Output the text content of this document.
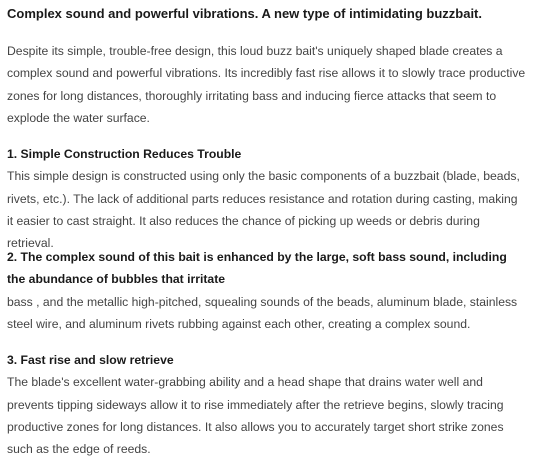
Complex sound and powerful vibrations. A new type of intimidating buzzbait.
Despite its simple, trouble-free design, this loud buzz bait's uniquely shaped blade creates a complex sound and powerful vibrations. Its incredibly fast rise allows it to slowly trace productive zones for long distances, thoroughly irritating bass and inducing fierce attacks that seem to explode the water surface.
1. Simple Construction Reduces Trouble
This simple design is constructed using only the basic components of a buzzbait (blade, beads, rivets, etc.). The lack of additional parts reduces resistance and rotation during casting, making it easier to cast straight. It also reduces the chance of picking up weeds or debris during retrieval.
2. The complex sound of this bait is enhanced by the large, soft bass sound, including the abundance of bubbles that irritate
bass , and the metallic high-pitched, squealing sounds of the beads, aluminum blade, stainless steel wire, and aluminum rivets rubbing against each other, creating a complex sound.
3. Fast rise and slow retrieve
The blade's excellent water-grabbing ability and a head shape that drains water well and prevents tipping sideways allow it to rise immediately after the retrieve begins, slowly tracing productive zones for long distances. It also allows you to accurately target short strike zones such as the edge of reeds.
